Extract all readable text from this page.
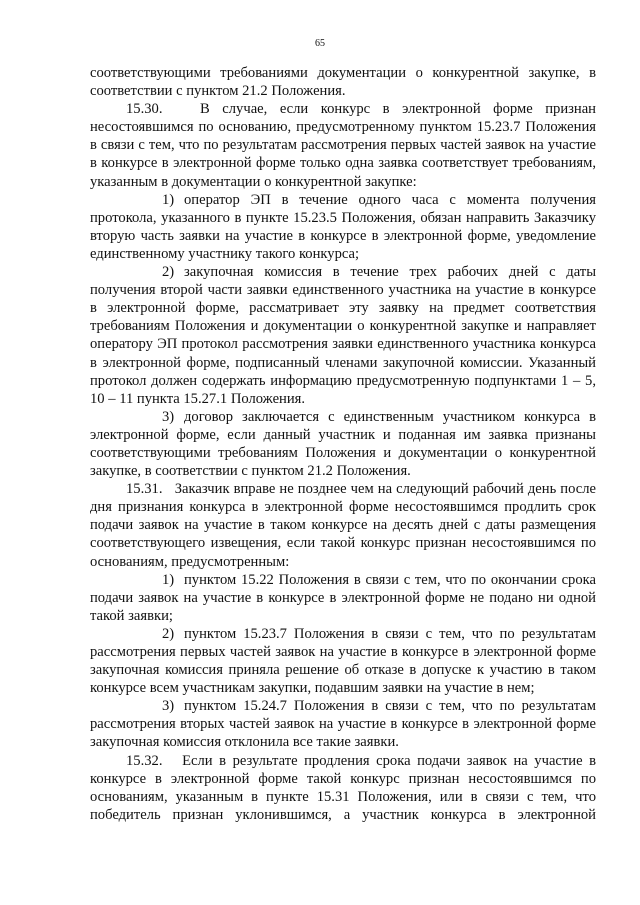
65

соответствующими требованиями документации о конкурентной закупке, в соответствии с пунктом 21.2 Положения.

15.30.	В случае, если конкурс в электронной форме признан несостоявшимся по основанию, предусмотренному пунктом 15.23.7 Положения в связи с тем, что по результатам рассмотрения первых частей заявок на участие в конкурсе в электронной форме только одна заявка соответствует требованиям, указанным в документации о конкурентной закупке:

1) оператор ЭП в течение одного часа с момента получения протокола, указанного в пункте 15.23.5 Положения, обязан направить Заказчику вторую часть заявки на участие в конкурсе в электронной форме, уведомление единственному участнику такого конкурса;

2) закупочная комиссия в течение трех рабочих дней с даты получения второй части заявки единственного участника на участие в конкурсе в электронной форме, рассматривает эту заявку на предмет соответствия требованиям Положения и документации о конкурентной закупке и направляет оператору ЭП протокол рассмотрения заявки единственного участника конкурса в электронной форме, подписанный членами закупочной комиссии. Указанный протокол должен содержать информацию предусмотренную подпунктами 1 – 5, 10 – 11 пункта 15.27.1 Положения.

3) договор заключается с единственным участником конкурса в электронной форме, если данный участник и поданная им заявка признаны соответствующими требованиям Положения и документации о конкурентной закупке, в соответствии с пунктом 21.2 Положения.

15.31. Заказчик вправе не позднее чем на следующий рабочий день после дня признания конкурса в электронной форме несостоявшимся продлить срок подачи заявок на участие в таком конкурсе на десять дней с даты размещения соответствующего извещения, если такой конкурс признан несостоявшимся по основаниям, предусмотренным:

1) пунктом 15.22 Положения в связи с тем, что по окончании срока подачи заявок на участие в конкурсе в электронной форме не подано ни одной такой заявки;

2) пунктом 15.23.7 Положения в связи с тем, что по результатам рассмотрения первых частей заявок на участие в конкурсе в электронной форме закупочная комиссия приняла решение об отказе в допуске к участию в таком конкурсе всем участникам закупки, подавшим заявки на участие в нем;

3) пунктом 15.24.7 Положения в связи с тем, что по результатам рассмотрения вторых частей заявок на участие в конкурсе в электронной форме закупочная комиссия отклонила все такие заявки.

15.32. Если в результате продления срока подачи заявок на участие в конкурсе в электронной форме такой конкурс признан несостоявшимся по основаниям, указанным в пункте 15.31 Положения, или в связи с тем, что победитель признан уклонившимся, а участник конкурса в электронной
